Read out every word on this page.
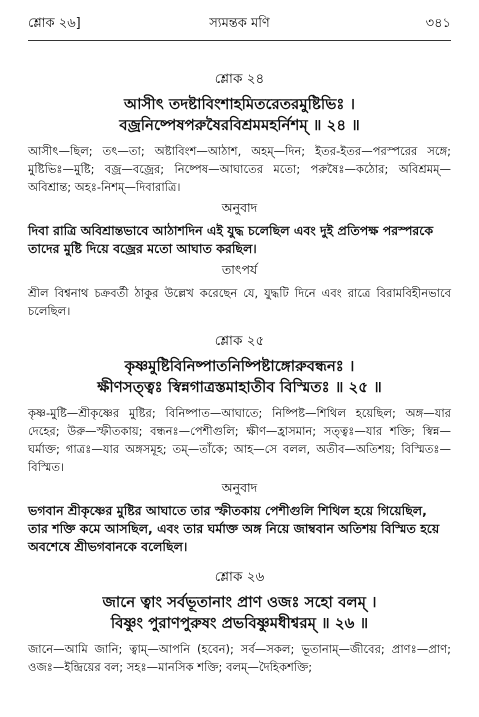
শ্লোক ২৬]	স্যমন্তক মণি	৩৪১
শ্লোক ২৪
আসীৎ তদষ্টাবিংশাহমিতরেতরমুষ্টিভিঃ ।
বজ্রনিষ্পেষপরুষৈরবিশ্রমমহর্নিশম্ ॥ ২৪ ॥

আসীৎ—ছিল; তৎ—তা; অষ্টাবিংশ—আঠাশ, অহম্—দিন; ইতর-ইতর—পরস্পরের সঙ্গে; মুষ্টিভিঃ—মুষ্টি; বজ্র—বজ্রের; নিষ্পেষ—আঘাতের মতো; পরুষৈঃ—কঠোর; অবিশ্রমম্—অবিশ্রান্ত; অহঃ-নিশম্—দিবারাত্রি।

অনুবাদ

দিবা রাত্রি অবিশ্রান্তভাবে আঠাশদিন এই যুদ্ধ চলেছিল এবং দুই প্রতিপক্ষ পরস্পরকে তাদের মুষ্টি দিয়ে বজ্রের মতো আঘাত করছিল।

তাৎপর্য

শ্রীল বিশ্বনাথ চক্রবর্তী ঠাকুর উল্লেখ করেছেন যে, যুদ্ধটি দিনে এবং রাত্রে বিরামবিহীনভাবে চলেছিল।

শ্লোক ২৫
কৃষ্ণমুষ্টিবিনিষ্পাতনিষ্পিষ্টাঙ্গোরুবন্ধনঃ ।
ক্ষীণসত্ত্বঃ স্বিন্নগাত্রস্তমাহাতীব বিস্মিতঃ ॥ ২৫ ॥

কৃষ্ণ-মুষ্টি—শ্রীকৃষ্ণের মুষ্টির; বিনিষ্পাত—আঘাতে; নিষ্পিষ্ট—শিথিল হয়েছিল; অঙ্গ—যার দেহের; উরু—স্ফীতকায়; বন্ধনঃ—পেশীগুলি; ক্ষীণ—হ্রাসমান; সত্ত্বঃ—যার শক্তি; স্বিন্ন—ঘর্মাক্ত; গাত্রঃ—যার অঙ্গসমূহ; তম্—তাঁকে; আহ—সে বলল, অতীব—অতিশয়; বিস্মিতঃ—বিস্মিত।

অনুবাদ

ভগবান শ্রীকৃষ্ণের মুষ্টির আঘাতে তার স্ফীতকায় পেশীগুলি শিথিল হয়ে গিয়েছিল, তার শক্তি কমে আসছিল, এবং তার ঘর্মাক্ত অঙ্গ নিয়ে জাম্ববান অতিশয় বিস্মিত হয়ে অবশেষে শ্রীভগবানকে বলেছিল।

শ্লোক ২৬
জানে ত্বাং সর্বভূতানাং প্রাণ ওজঃ সহো বলম্ ।
বিষ্ণুং পুরাণপুরুষং প্রভবিষ্ণুমধীশ্বরম্ ॥ ২৬ ॥

জানে—আমি জানি; ত্বাম্—আপনি (হবেন); সর্ব—সকল; ভূতানাম্—জীবের; প্রাণঃ—প্রাণ; ওজঃ—ইন্দ্রিয়ের বল; সহঃ—মানসিক শক্তি; বলম্—দৈহিকশক্তি;
